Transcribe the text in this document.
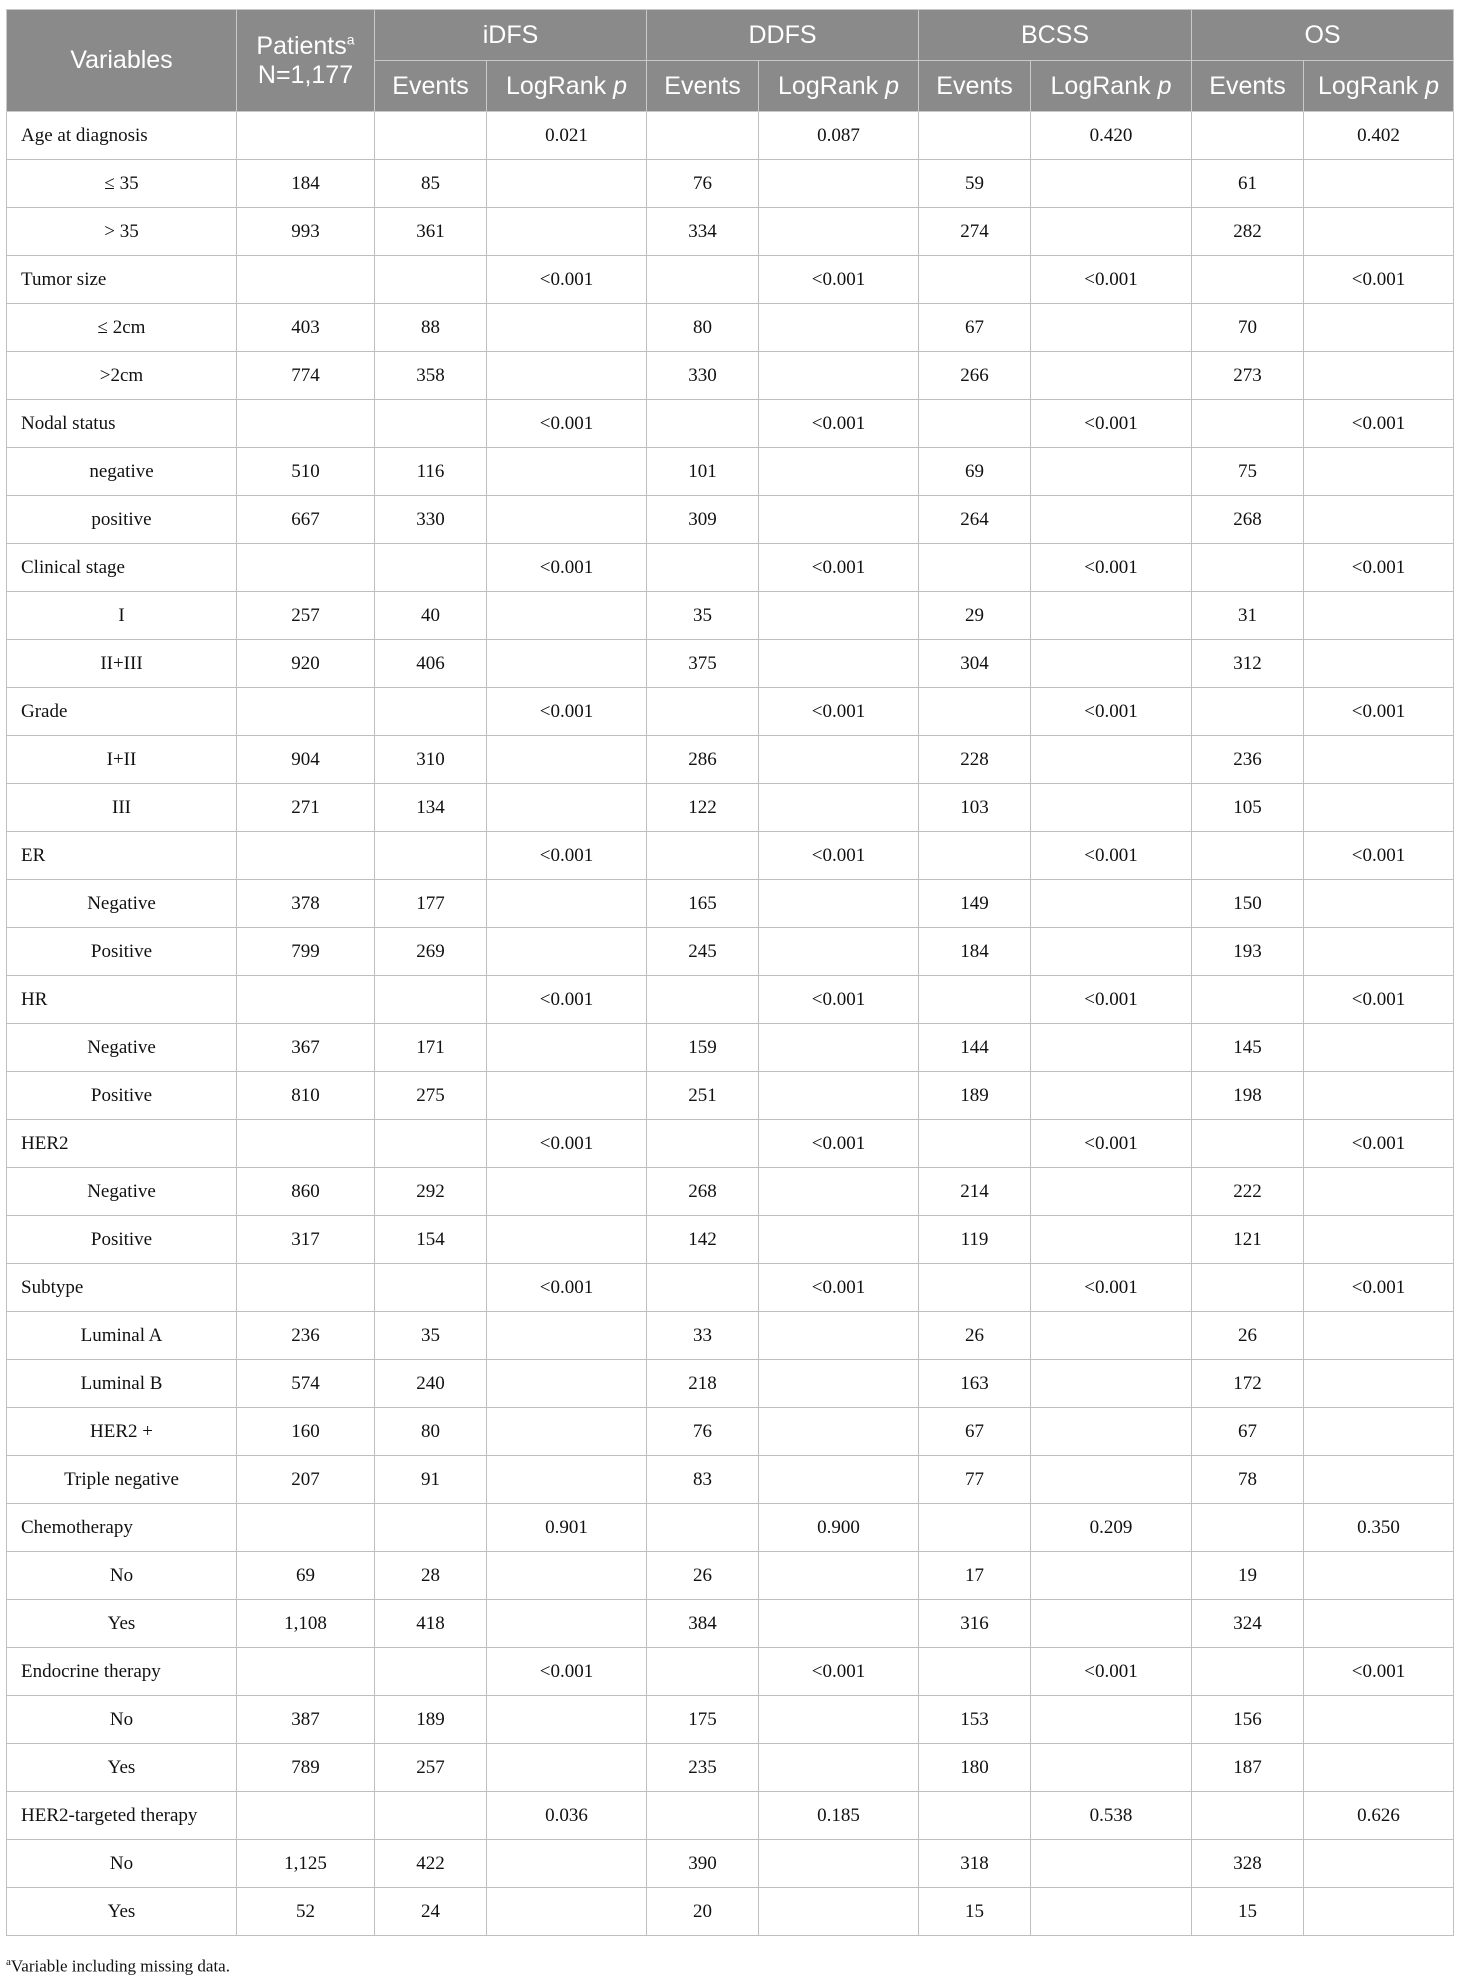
Variables	Patients$^a$
N=1,177	iDFS		DDFS		BCSS		OS	
		Events	LogRank p	Events	LogRank p	Events	LogRank p	Events	LogRank p
Age at diagnosis			0.021		0.087		0.420		0.402
≤ 35	184	85		76		59		61	
> 35	993	361		334		274		282	
Tumor size			<0.001		<0.001		<0.001		<0.001
≤ 2cm	403	88		80		67		70	
>2cm	774	358		330		266		273	
Nodal status			<0.001		<0.001		<0.001		<0.001
negative	510	116		101		69		75	
positive	667	330		309		264		268	
Clinical stage			<0.001		<0.001		<0.001		<0.001
I	257	40		35		29		31	
II+III	920	406		375		304		312	
Grade			<0.001		<0.001		<0.001		<0.001
I+II	904	310		286		228		236	
III	271	134		122		103		105	
ER			<0.001		<0.001		<0.001		<0.001
Negative	378	177		165		149		150	
Positive	799	269		245		184		193	
HR			<0.001		<0.001		<0.001		<0.001
Negative	367	171		159		144		145	
Positive	810	275		251		189		198	
HER2			<0.001		<0.001		<0.001		<0.001
Negative	860	292		268		214		222	
Positive	317	154		142		119		121	
Subtype			<0.001		<0.001		<0.001		<0.001
Luminal A	236	35		33		26		26	
Luminal B	574	240		218		163		172	
HER2 +	160	80		76		67		67	
Triple negative	207	91		83		77		78	
Chemotherapy			0.901		0.900		0.209		0.350
No	69	28		26		17		19	
Yes	1,108	418		384		316		324	
Endocrine therapy			<0.001		<0.001		<0.001		<0.001
No	387	189		175		153		156	
Yes	789	257		235		180		187	
HER2-targeted therapy			0.036		0.185		0.538		0.626
No	1,125	422		390		318		328	
Yes	52	24		20		15		15	
$^a$Variable including missing data.
